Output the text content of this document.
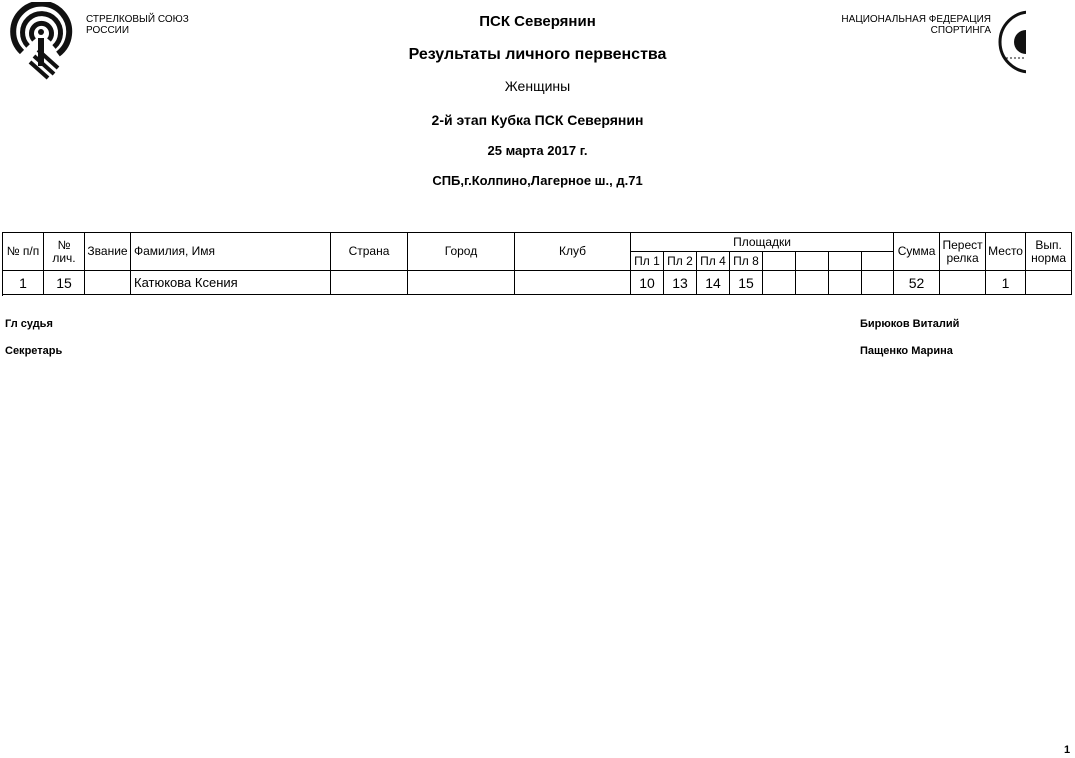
СТРЕЛКОВЫЙ СОЮЗ
РОССИИ
НАЦИОНАЛЬНАЯ ФЕДЕРАЦИЯ
СПОРТИНГА
ПСК Северянин
Результаты личного первенства
Женщины
2-й этап Кубка ПСК Северянин
25 марта 2017 г.
СПБ,г.Колпино,Лагерное ш., д.71
№ п/п	№ лич.	Звание	Фамилия, Имя	Страна	Город	Клуб	Площадки								Сумма	Перестрелка	Место	Вып. норма
							Пл 1	Пл 2	Пл 4	Пл 8								
1	15		Катюкова Ксения				10	13	14	15					52		1	
Гл судья	Бирюков Виталий
Секретарь	Пащенко Марина
1
